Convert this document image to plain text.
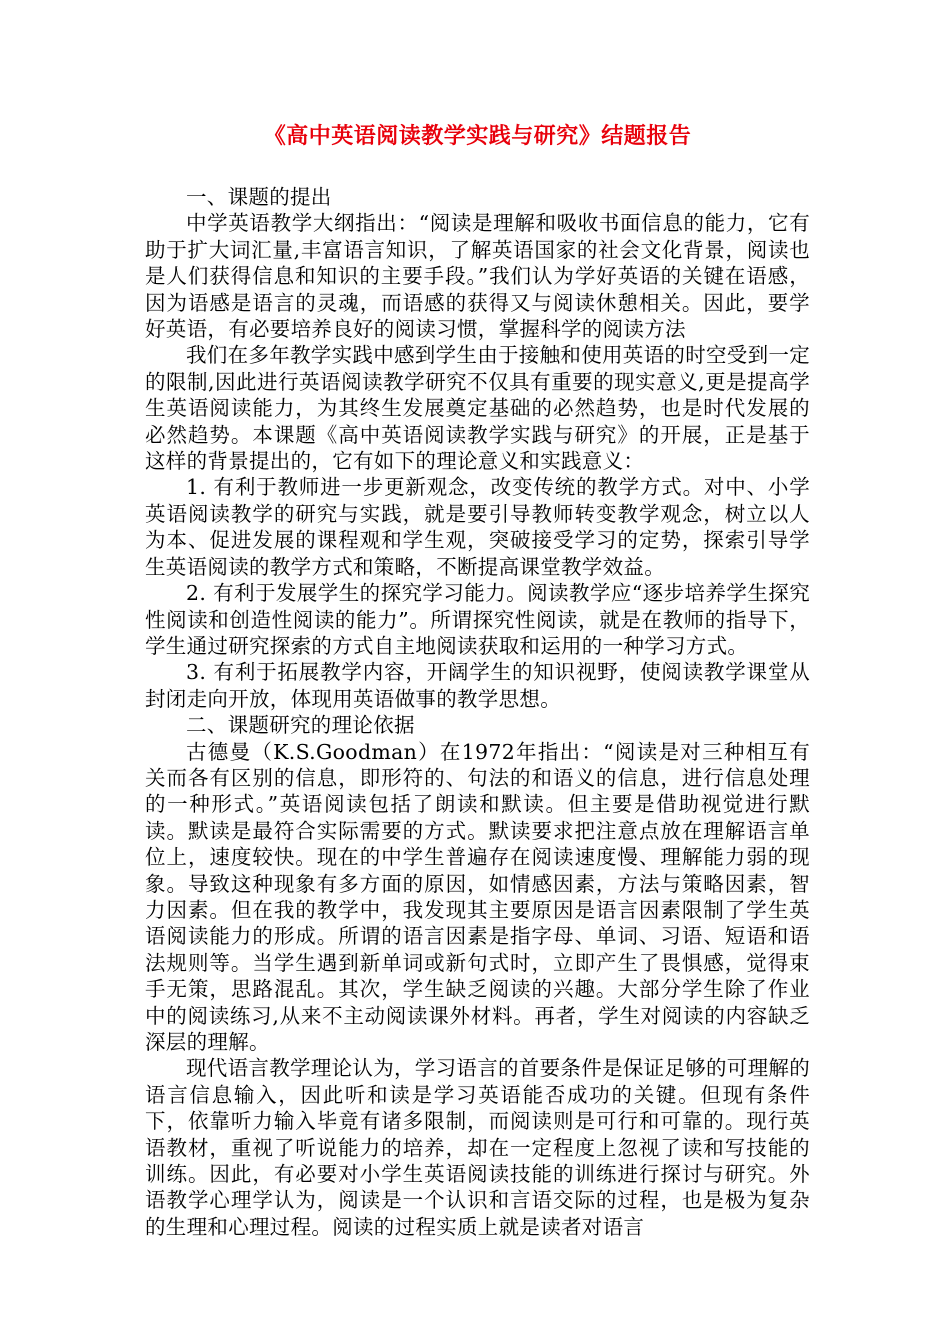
《高中英语阅读教学实践与研究》结题报告

一、课题的提出

中学英语教学大纲指出：“阅读是理解和吸收书面信息的能力，它有助于扩大词汇量,丰富语言知识，了解英语国家的社会文化背景，阅读也是人们获得信息和知识的主要手段。”我们认为学好英语的关键在语感，因为语感是语言的灵魂，而语感的获得又与阅读休憩相关。因此，要学好英语，有必要培养良好的阅读习惯，掌握科学的阅读方法

我们在多年教学实践中感到学生由于接触和使用英语的时空受到一定的限制,因此进行英语阅读教学研究不仅具有重要的现实意义,更是提高学生英语阅读能力，为其终生发展奠定基础的必然趋势，也是时代发展的必然趋势。本课题《高中英语阅读教学实践与研究》的开展，正是基于这样的背景提出的，它有如下的理论意义和实践意义：

1. 有利于教师进一步更新观念，改变传统的教学方式。对中、小学英语阅读教学的研究与实践，就是要引导教师转变教学观念，树立以人为本、促进发展的课程观和学生观，突破接受学习的定势，探索引导学生英语阅读的教学方式和策略，不断提高课堂教学效益。

2. 有利于发展学生的探究学习能力。阅读教学应“逐步培养学生探究性阅读和创造性阅读的能力”。所谓探究性阅读，就是在教师的指导下，学生通过研究探索的方式自主地阅读获取和运用的一种学习方式。

3. 有利于拓展教学内容，开阔学生的知识视野，使阅读教学课堂从封闭走向开放，体现用英语做事的教学思想。

二、课题研究的理论依据

古德曼（K.S.Goodman）在1972年指出：“阅读是对三种相互有关而各有区别的信息，即形符的、句法的和语义的信息，进行信息处理的一种形式。”英语阅读包括了朗读和默读。但主要是借助视觉进行默读。默读是最符合实际需要的方式。默读要求把注意点放在理解语言单位上，速度较快。现在的中学生普遍存在阅读速度慢、理解能力弱的现象。导致这种现象有多方面的原因，如情感因素，方法与策略因素，智力因素。但在我的教学中，我发现其主要原因是语言因素限制了学生英语阅读能力的形成。所谓的语言因素是指字母、单词、习语、短语和语法规则等。当学生遇到新单词或新句式时，立即产生了畏惧感，觉得束手无策，思路混乱。其次，学生缺乏阅读的兴趣。大部分学生除了作业中的阅读练习,从来不主动阅读课外材料。再者，学生对阅读的内容缺乏深层的理解。

现代语言教学理论认为，学习语言的首要条件是保证足够的可理解的语言信息输入，因此听和读是学习英语能否成功的关键。但现有条件下，依靠听力输入毕竟有诸多限制，而阅读则是可行和可靠的。现行英语教材，重视了听说能力的培养，却在一定程度上忽视了读和写技能的训练。因此，有必要对小学生英语阅读技能的训练进行探讨与研究。外语教学心理学认为，阅读是一个认识和言语交际的过程，也是极为复杂的生理和心理过程。阅读的过程实质上就是读者对语言
